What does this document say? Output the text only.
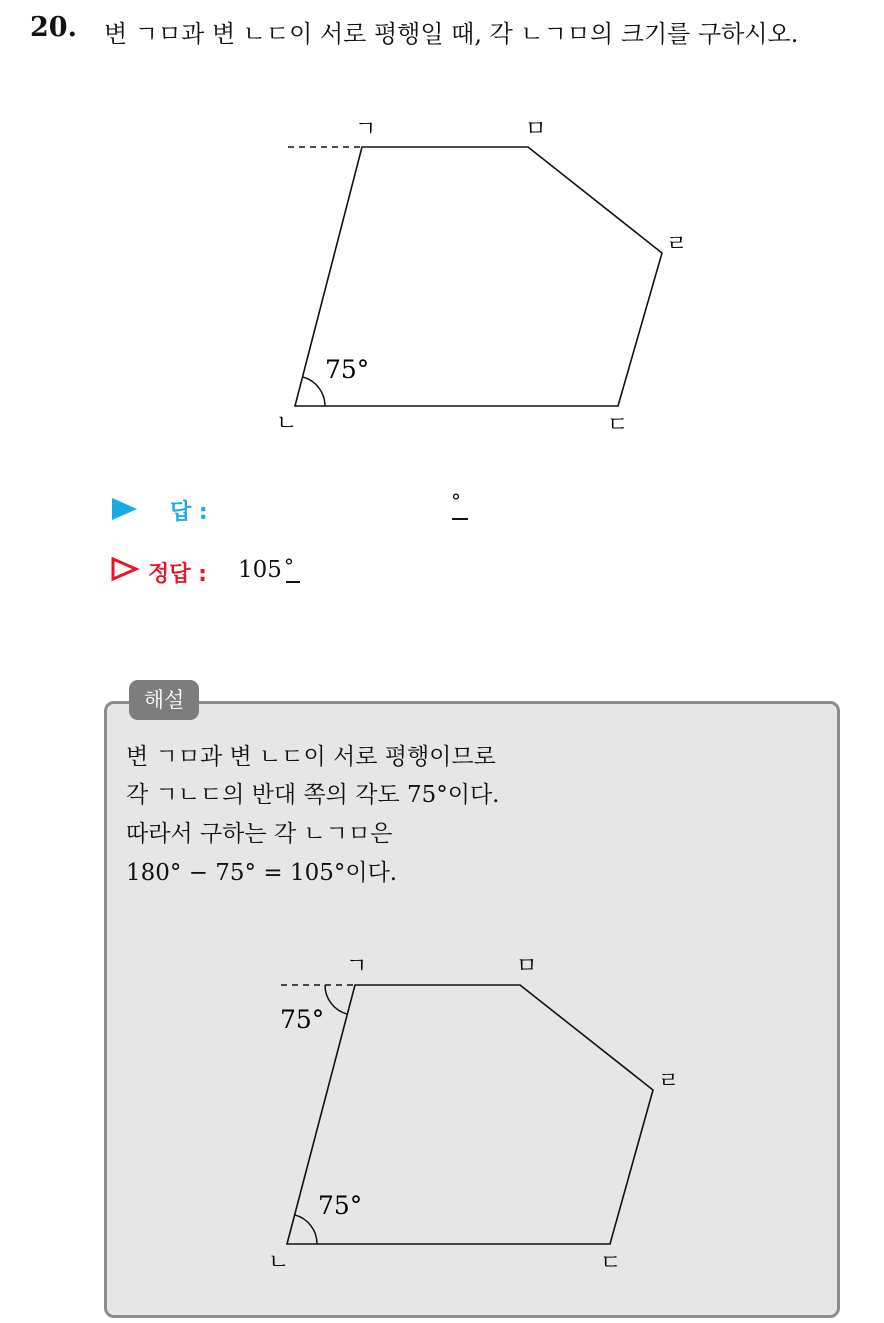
20. 변 ㄱㅁ과 변 ㄴㄷ이 서로 평행일 때, 각 ㄴㄱㅁ의 크기를 구하시오.
ㄱ	ㅁ
ㄹ
ㄴ	ㄷ
75°
답 :	°
정답 : 105 °
해설
변 ㄱㅁ과 변 ㄴㄷ이 서로 평행이므로
각 ㄱㄴㄷ의 반대 쪽의 각도 75°이다.
따라서 구하는 각 ㄴㄱㅁ은
180° − 75° = 105°이다.
ㄱ	ㅁ
ㄹ
ㄴ	ㄷ
75°
75°
